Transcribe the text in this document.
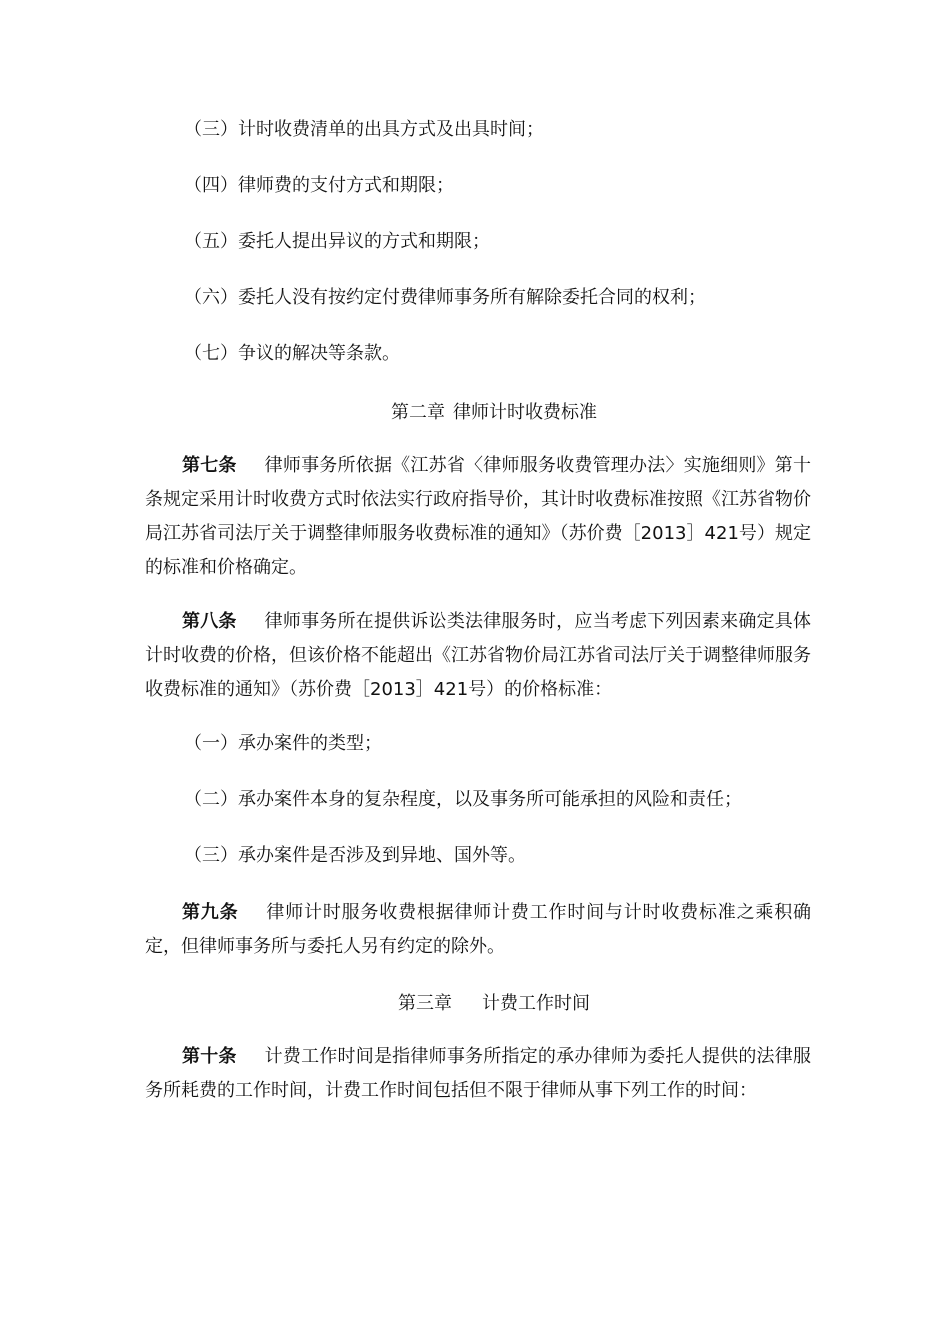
（三）计时收费清单的出具方式及出具时间；

（四）律师费的支付方式和期限；

（五）委托人提出异议的方式和期限；

（六）委托人没有按约定付费律师事务所有解除委托合同的权利；

（七）争议的解决等条款。

第二章 律师计时收费标准

第七条 律师事务所依据《江苏省〈律师服务收费管理办法〉实施细则》第十条规定采用计时收费方式时依法实行政府指导价，其计时收费标准按照《江苏省物价局江苏省司法厅关于调整律师服务收费标准的通知》（苏价费［2013］421号）规定的标准和价格确定。

第八条 律师事务所在提供诉讼类法律服务时，应当考虑下列因素来确定具体计时收费的价格，但该价格不能超出《江苏省物价局江苏省司法厅关于调整律师服务收费标准的通知》（苏价费［2013］421号）的价格标准：

（一）承办案件的类型；

（二）承办案件本身的复杂程度，以及事务所可能承担的风险和责任；

（三）承办案件是否涉及到异地、国外等。

第九条 律师计时服务收费根据律师计费工作时间与计时收费标准之乘积确定，但律师事务所与委托人另有约定的除外。

第三章 计费工作时间

第十条 计费工作时间是指律师事务所指定的承办律师为委托人提供的法律服务所耗费的工作时间，计费工作时间包括但不限于律师从事下列工作的时间：
